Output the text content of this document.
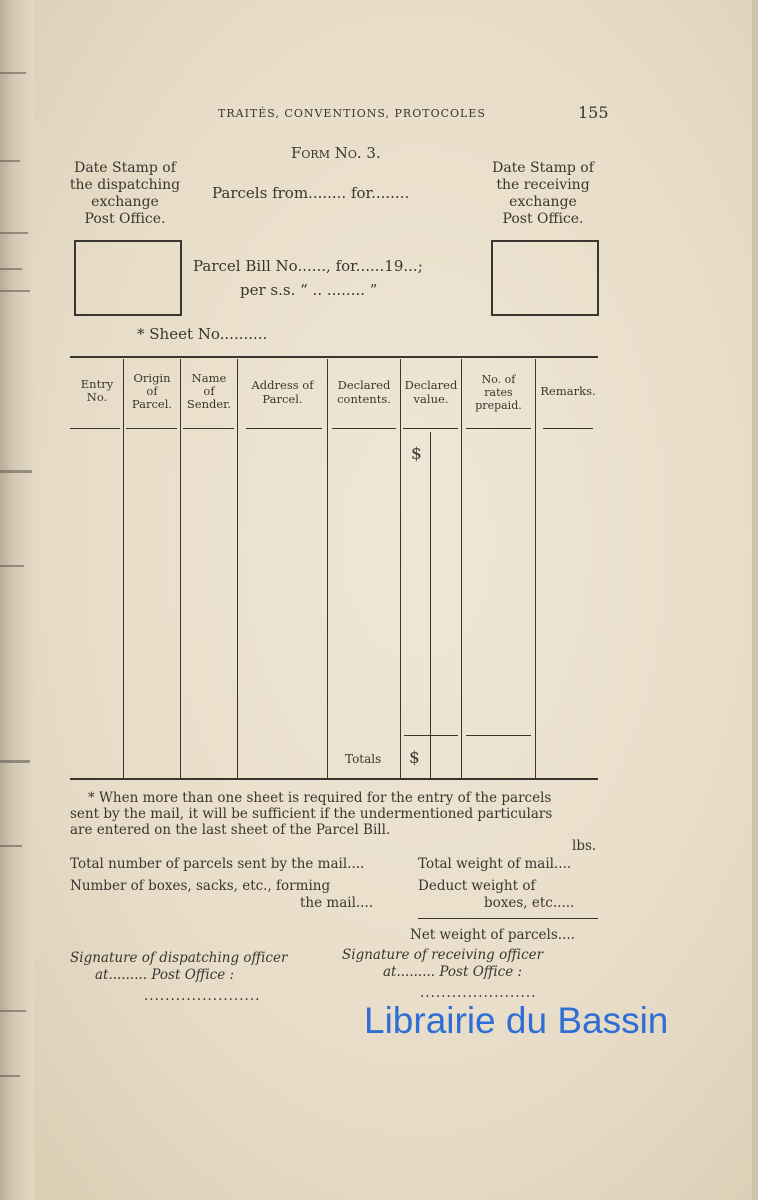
TRAITÉS, CONVENTIONS, PROTOCOLES	155
Form No. 3.
Date Stamp of
the dispatching
exchange
Post Office.
Date Stamp of
the receiving
exchange
Post Office.
Parcels from........ for........
Parcel Bill No......, for......19...;
per s.s. “ .. ........ ”
* Sheet No..........
Entry
No.
Origin
of
Parcel.
Name
of
Sender.
Address of
Parcel.
Declared
contents.
Declared
value.
No. of
rates
prepaid.
Remarks.
$
Totals $
* When more than one sheet is required for the entry of the parcels
sent by the mail, it will be sufficient if the undermentioned particulars
are entered on the last sheet of the Parcel Bill.
lbs.
Total number of parcels sent by the mail....
Number of boxes, sacks, etc., forming
the mail....
Total weight of mail....
Deduct weight of
boxes, etc.....
Net weight of parcels....
Signature of dispatching officer
at......... Post Office :
......................
Signature of receiving officer
at......... Post Office :
......................
Librairie du Bassin
